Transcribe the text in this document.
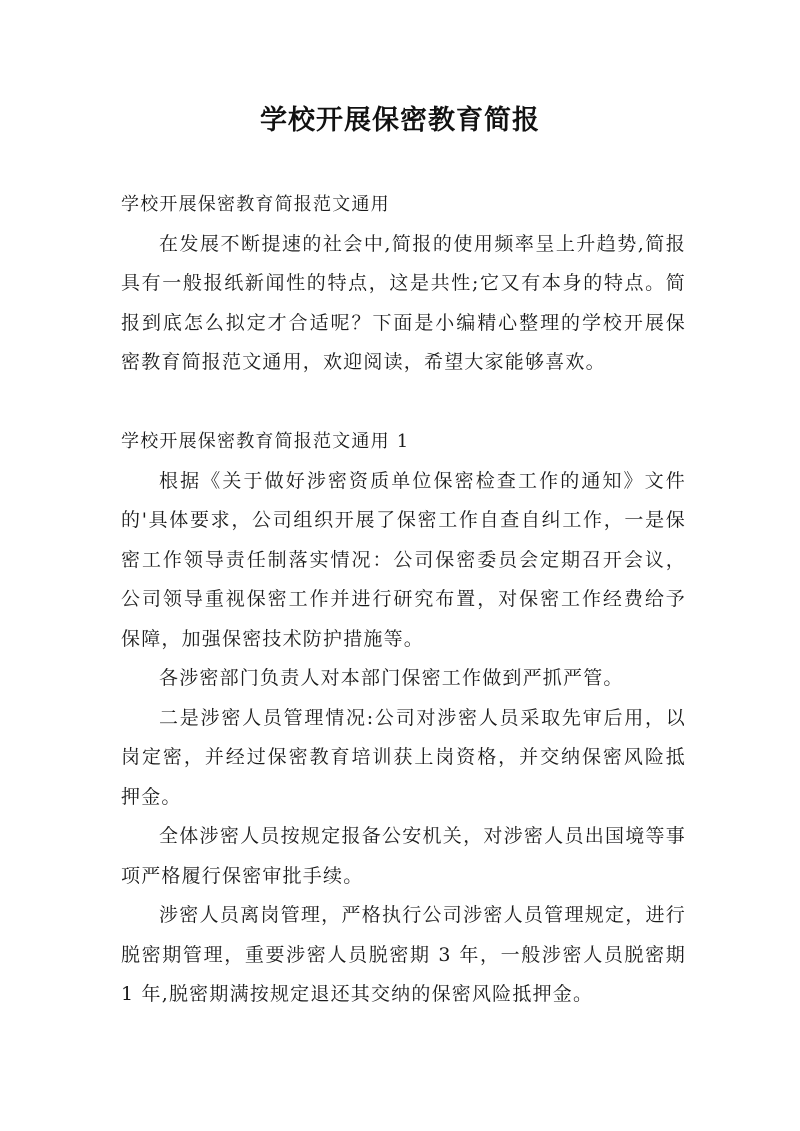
学校开展保密教育简报

学校开展保密教育简报范文通用

在发展不断提速的社会中,简报的使用频率呈上升趋势,简报具有一般报纸新闻性的特点，这是共性;它又有本身的特点。简报到底怎么拟定才合适呢？下面是小编精心整理的学校开展保密教育简报范文通用，欢迎阅读，希望大家能够喜欢。

学校开展保密教育简报范文通用 1

根据《关于做好涉密资质单位保密检查工作的通知》文件的'具体要求，公司组织开展了保密工作自查自纠工作，一是保密工作领导责任制落实情况：公司保密委员会定期召开会议，公司领导重视保密工作并进行研究布置，对保密工作经费给予保障，加强保密技术防护措施等。

各涉密部门负责人对本部门保密工作做到严抓严管。

二是涉密人员管理情况:公司对涉密人员采取先审后用，以岗定密，并经过保密教育培训获上岗资格，并交纳保密风险抵押金。

全体涉密人员按规定报备公安机关，对涉密人员出国境等事项严格履行保密审批手续。

涉密人员离岗管理，严格执行公司涉密人员管理规定，进行脱密期管理，重要涉密人员脱密期 3 年，一般涉密人员脱密期 1 年,脱密期满按规定退还其交纳的保密风险抵押金。
